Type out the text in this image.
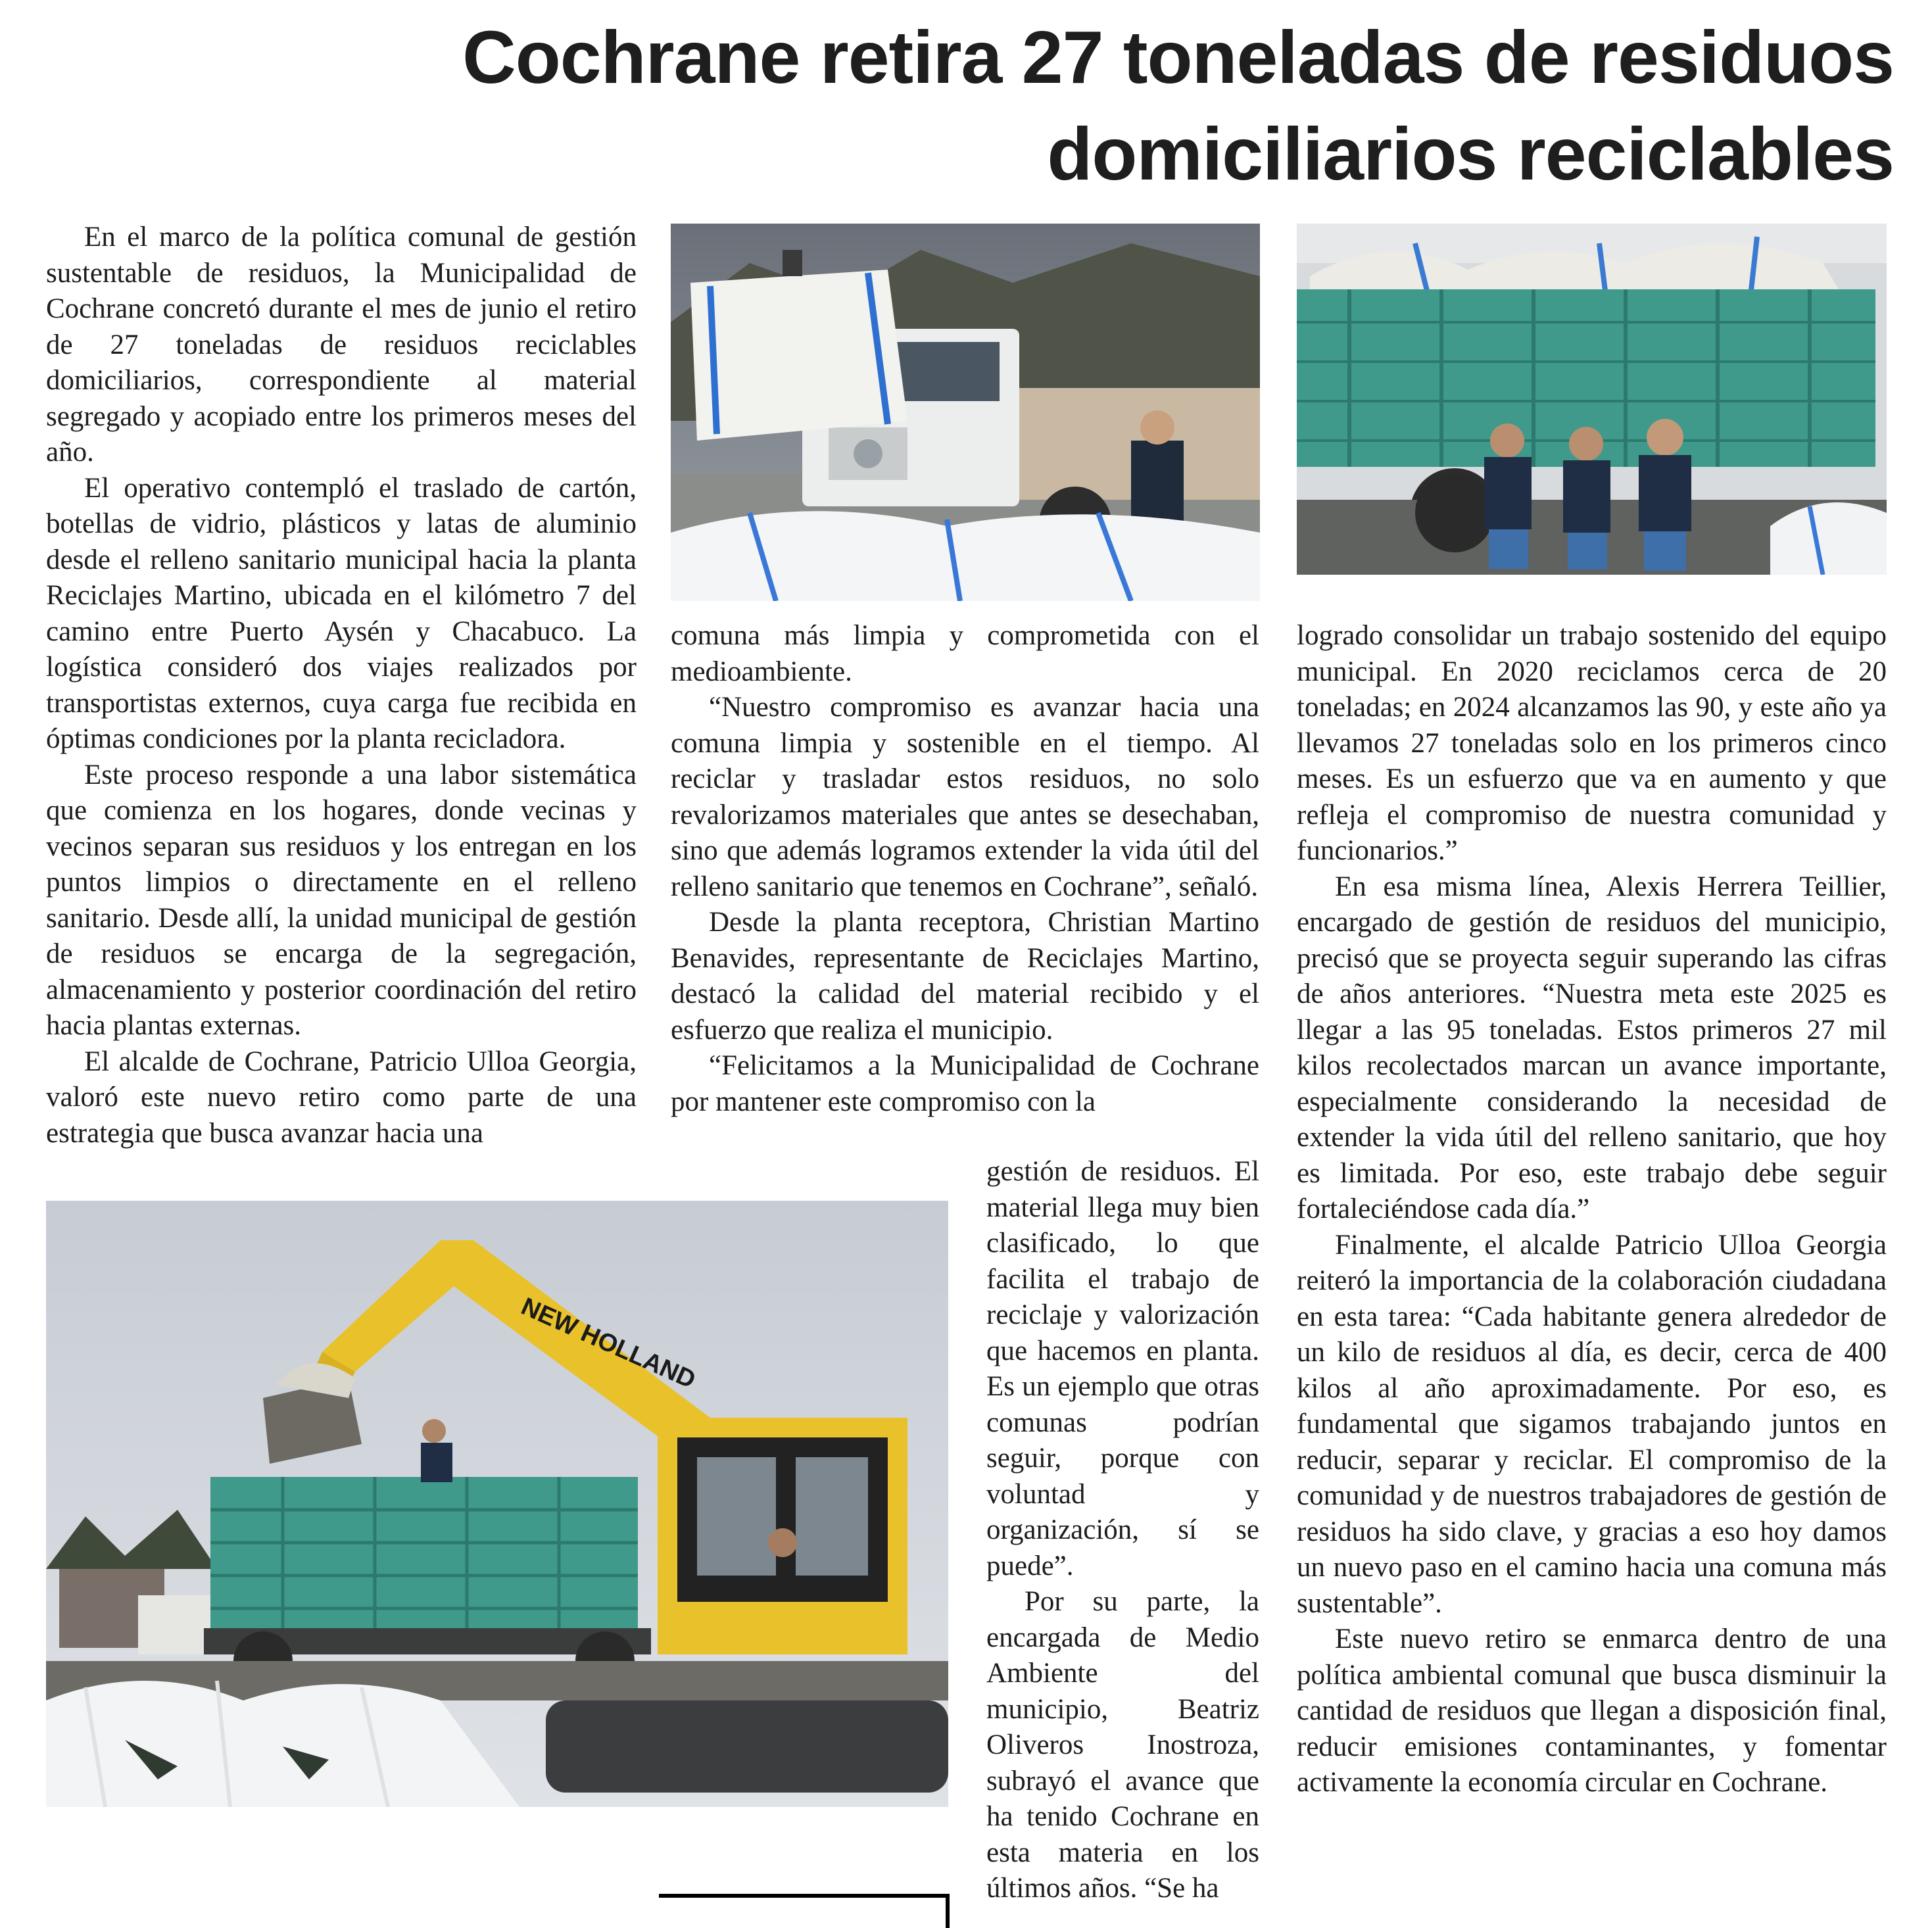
Cochrane retira 27 toneladas de residuos
domiciliarios reciclables

En el marco de la política comunal de gestión sustentable de residuos, la Municipalidad de Cochrane concretó durante el mes de junio el retiro de 27 toneladas de residuos reciclables domiciliarios, correspondiente al material segregado y acopiado entre los primeros meses del año.

El operativo contempló el traslado de cartón, botellas de vidrio, plásticos y latas de aluminio desde el relleno sanitario municipal hacia la planta Reciclajes Martino, ubicada en el kilómetro 7 del camino entre Puerto Aysén y Chacabuco. La logística consideró dos viajes realizados por transportistas externos, cuya carga fue recibida en óptimas condiciones por la planta recicladora.

Este proceso responde a una labor sistemática que comienza en los hogares, donde vecinas y vecinos separan sus residuos y los entregan en los puntos limpios o directamente en el relleno sanitario. Desde allí, la unidad municipal de gestión de residuos se encarga de la segregación, almacenamiento y posterior coordinación del retiro hacia plantas externas.

El alcalde de Cochrane, Patricio Ulloa Georgia, valoró este nuevo retiro como parte de una estrategia que busca avanzar hacia una

comuna más limpia y comprometida con el medioambiente.

“Nuestro compromiso es avanzar hacia una comuna limpia y sostenible en el tiempo. Al reciclar y trasladar estos residuos, no solo revalorizamos materiales que antes se desechaban, sino que además logramos extender la vida útil del relleno sanitario que tenemos en Cochrane”, señaló.

Desde la planta receptora, Christian Martino Benavides, representante de Reciclajes Martino, destacó la calidad del material recibido y el esfuerzo que realiza el municipio.

“Felicitamos a la Municipalidad de Cochrane por mantener este compromiso con la

gestión de residuos. El material llega muy bien clasificado, lo que facilita el trabajo de reciclaje y valorización que hacemos en planta. Es un ejemplo que otras comunas podrían seguir, porque con voluntad y organización, sí se puede”.

Por su parte, la encargada de Medio Ambiente del municipio, Beatriz Oliveros Inostroza, subrayó el avance que ha tenido Cochrane en esta materia en los últimos años. “Se ha

logrado consolidar un trabajo sostenido del equipo municipal. En 2020 reciclamos cerca de 20 toneladas; en 2024 alcanzamos las 90, y este año ya llevamos 27 toneladas solo en los primeros cinco meses. Es un esfuerzo que va en aumento y que refleja el compromiso de nuestra comunidad y funcionarios.”

En esa misma línea, Alexis Herrera Teillier, encargado de gestión de residuos del municipio, precisó que se proyecta seguir superando las cifras de años anteriores. “Nuestra meta este 2025 es llegar a las 95 toneladas. Estos primeros 27 mil kilos recolectados marcan un avance importante, especialmente considerando la necesidad de extender la vida útil del relleno sanitario, que hoy es limitada. Por eso, este trabajo debe seguir fortaleciéndose cada día.”

Finalmente, el alcalde Patricio Ulloa Georgia reiteró la importancia de la colaboración ciudadana en esta tarea: “Cada habitante genera alrededor de un kilo de residuos al día, es decir, cerca de 400 kilos al año aproximadamente. Por eso, es fundamental que sigamos trabajando juntos en reducir, separar y reciclar. El compromiso de la comunidad y de nuestros trabajadores de gestión de residuos ha sido clave, y gracias a eso hoy damos un nuevo paso en el camino hacia una comuna más sustentable”.

Este nuevo retiro se enmarca dentro de una política ambiental comunal que busca disminuir la cantidad de residuos que llegan a disposición final, reducir emisiones contaminantes, y fomentar activamente la economía circular en Cochrane.

NEW HOLLAND
